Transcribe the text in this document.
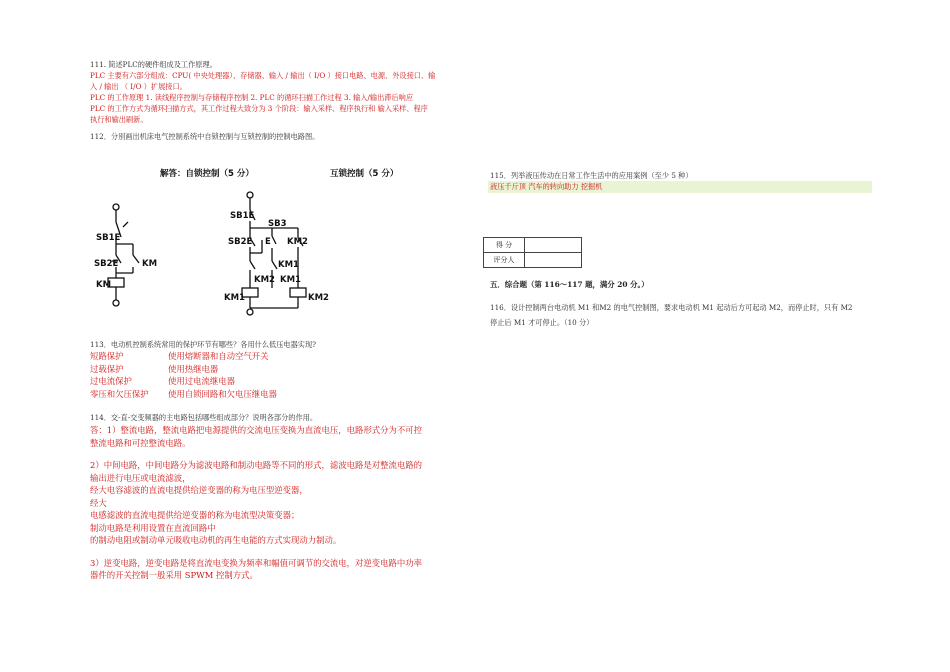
111. 简述PLC的硬件组成及工作原理。

PLC 主要有六部分组成：CPU( 中央处理器）、存储器、输入 / 输出（ I/O ）接口电路、电源、外设接口、输

入 / 输出 （ I/O ）扩展接口。

PLC 的工作原理 1. 读线程序控制与存储程序控制 2. PLC 的循环扫描工作过程 3. 输入/输出滞后响应

PLC 的工作方式为循环扫描方式，其工作过程大致分为 3 个阶段：输入采样、程序执行和 输入采样、程序

执行和输出刷新。

112．分别画出机床电气控制系统中自锁控制与互锁控制的控制电路图。
解答：自锁控制（5 分）	互锁控制（5 分）
SB1E
SB2E	KM
KM
SB1E
SB3
SB2E E KM2
KM2
KM1
KM1
KM1	KM2
113．电动机控制系统常用的保护环节有哪些？各用什么低压电器实现?
短路保护	使用熔断器和自动空气开关
过载保护	使用热继电器
过电流保护	使用过电流继电器
零压和欠压保护	使用自锁回路和欠电压继电器
114．交-直-交变频器的主电路包括哪些组成部分？说明各部分的作用。

答：1）整流电路，整流电路把电源提供的交流电压变换为直流电压，电路形式分为不可控

整流电路和可控整流电路。

2）中间电路，中间电路分为滤波电路和制动电路等不同的形式，滤波电路是对整流电路的

输出进行电压或电流滤波，

经大电容滤波的直流电提供给逆变器的称为电压型逆变器，

经大

电感滤波的直流电提供给逆变器的称为电流型决策变器；

制动电路是利用设置在直流回路中

的制动电阻或制动单元吸收电动机的再生电能的方式实现动力制动。

3）逆变电路，逆变电路是将直流电变换为频率和幅值可调节的交流电，对逆变电路中功率

器件的开关控制一般采用 SPWM 控制方式。

115．列举液压传动在日常工作生活中的应用案例（至少 5 种）
液压千斤顶 汽车的转向助力 挖掘机
得 分	
评分人	
五．综合题（第 116～117 题，满分 20 分。）
116．设计控制两台电动机 M1 和M2 的电气控制图，要求电动机 M1 起动后方可起动 M2，而停止时，只有 M2
停止后 M1 才可停止。（10 分）
